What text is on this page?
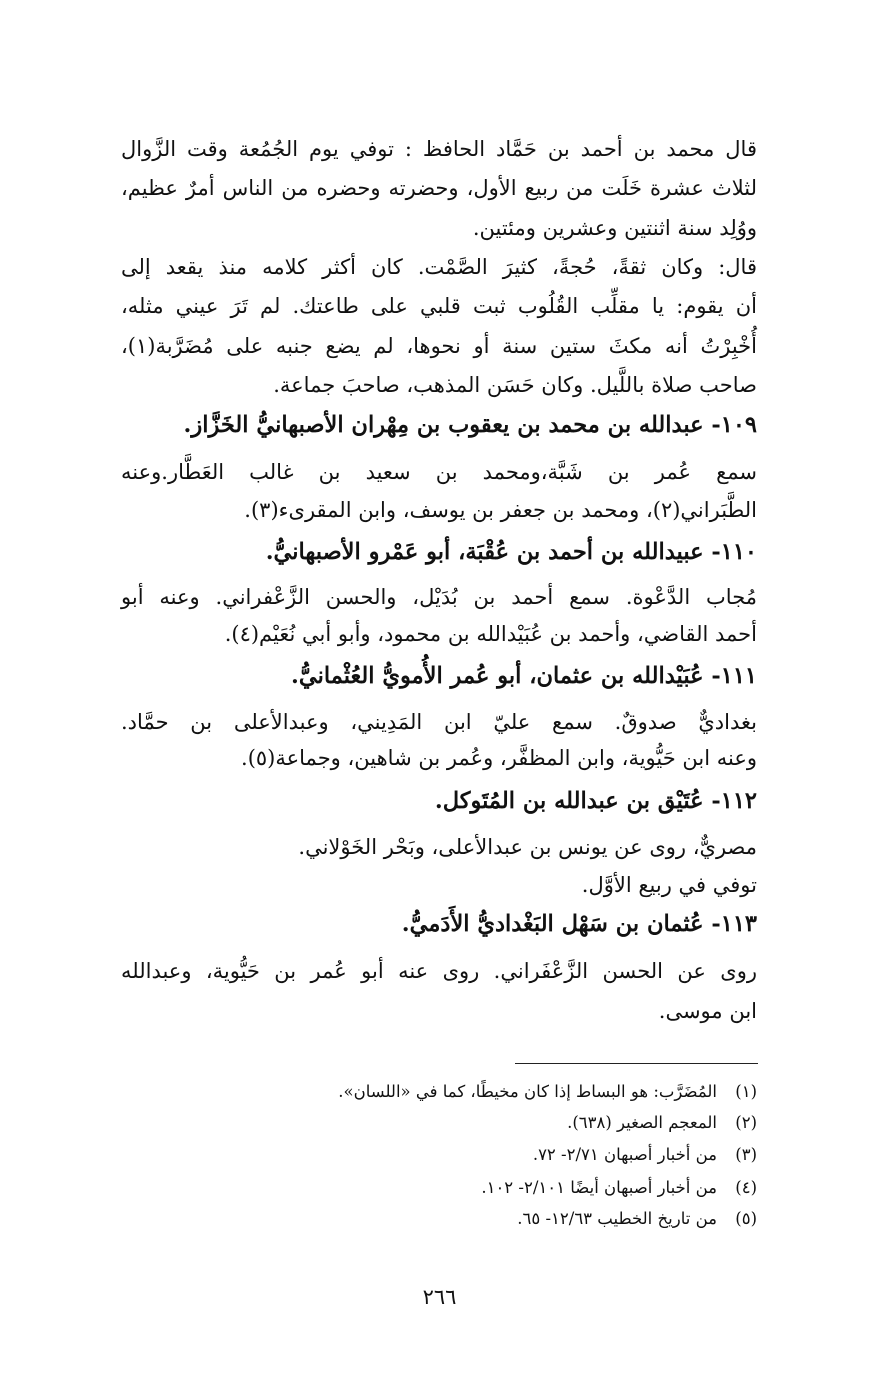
قال محمد بن أحمد بن حَمَّاد الحافظ : توفي يوم الجُمُعة وقت الزَّوال
لثلاث عشرة خَلَت من ربيع الأول، وحضرته وحضره من الناس أمرٌ عظيم،
ووُلِد سنة اثنتين وعشرين ومئتين.
قال: وكان ثقةً، حُجةً، كثيرَ الصَّمْت. كان أكثر كلامه منذ يقعد إلى
أن يقوم: يا مقلِّب القُلُوب ثبت قلبي على طاعتك. لم تَرَ عيني مثله،
أُخْبِرْتُ أنه مكثَ ستين سنة أو نحوها، لم يضع جنبه على مُضَرَّبة(١)،
صاحب صلاة باللَّيل. وكان حَسَن المذهب، صاحبَ جماعة.
١٠٩- عبدالله بن محمد بن يعقوب بن مِهْران الأصبهانيُّ الخَزَّاز.
سمع عُمر بن شَبَّة،ومحمد بن سعيد بن غالب العَطَّار.وعنه
الطَّبَراني(٢)، ومحمد بن جعفر بن يوسف، وابن المقرىء(٣).
١١٠- عبيدالله بن أحمد بن عُقْبَة، أبو عَمْرو الأصبهانيُّ.
مُجاب الدَّعْوة. سمع أحمد بن بُدَيْل، والحسن الزَّعْفراني. وعنه أبو
أحمد القاضي، وأحمد بن عُبَيْدالله بن محمود، وأبو أبي نُعَيْم(٤).
١١١- عُبَيْدالله بن عثمان، أبو عُمر الأُمويُّ العُثْمانيُّ.
بغداديٌّ صدوقٌ. سمع عليّ ابن المَدِيني، وعبدالأعلى بن حمَّاد.
وعنه ابن حَيُّوية، وابن المظفَّر، وعُمر بن شاهين، وجماعة(٥).
١١٢- عُتَيْق بن عبدالله بن المُتَوكل.
مصريٌّ، روى عن يونس بن عبدالأعلى، وبَحْر الخَوْلاني.
توفي في ربيع الأوَّل.
١١٣- عُثمان بن سَهْل البَغْداديُّ الأَدَميُّ.
روى عن الحسن الزَّعْفَراني. روى عنه أبو عُمر بن حَيُّوية، وعبدالله
ابن موسى.
(١)المُضَرَّب: هو البساط إذا كان مخيطًا، كما في «اللسان».
(٢)المعجم الصغير (٦٣٨).
(٣)من أخبار أصبهان ٢/٧١- ٧٢.
(٤)من أخبار أصبهان أيضًا ٢/١٠١- ١٠٢.
(٥)من تاريخ الخطيب ١٢/٦٣- ٦٥.
٢٦٦
